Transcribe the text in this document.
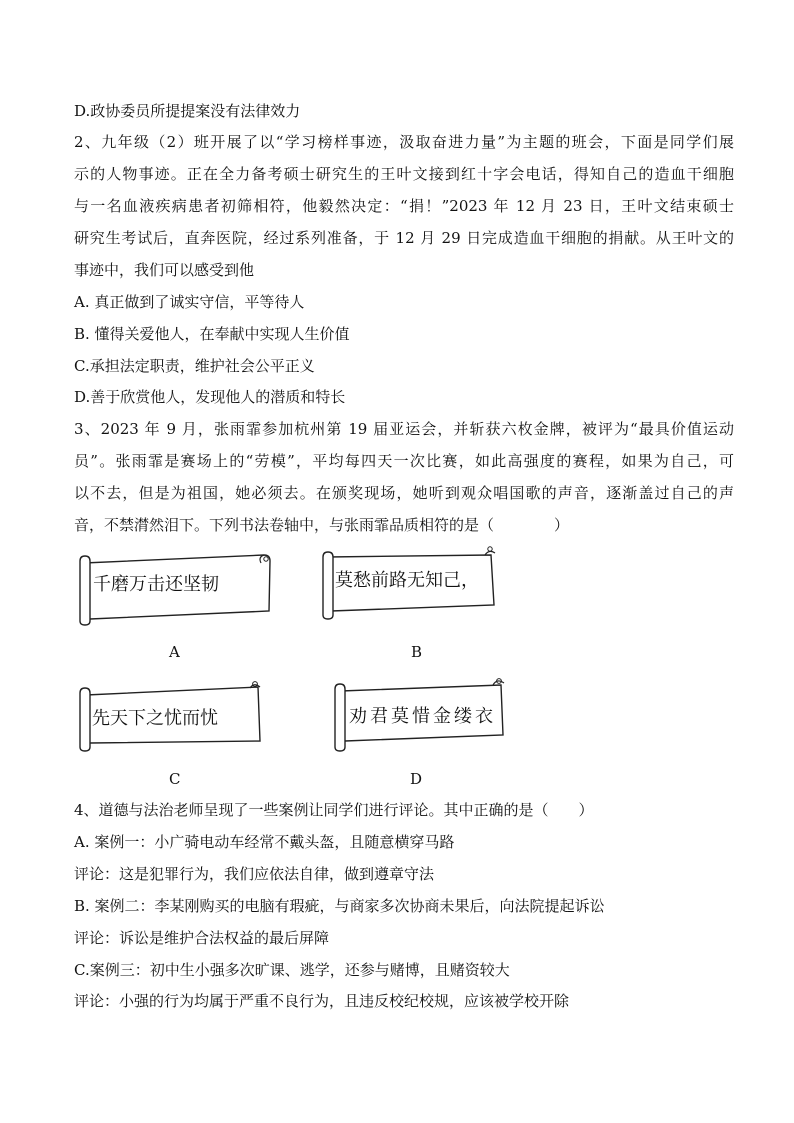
D.政协委员所提提案没有法律效力
2、九年级（2）班开展了以“学习榜样事迹，汲取奋进力量”为主题的班会，下面是同学们展
示的人物事迹。正在全力备考硕士研究生的王叶文接到红十字会电话，得知自己的造血干细胞
与一名血液疾病患者初筛相符，他毅然决定：“捐！”2023 年 12 月 23 日，王叶文结束硕士
研究生考试后，直奔医院，经过系列准备，于 12 月 29 日完成造血干细胞的捐献。从王叶文的
事迹中，我们可以感受到他
A. 真正做到了诚实守信，平等待人
B. 懂得关爱他人，在奉献中实现人生价值
C.承担法定职责，维护社会公平正义
D.善于欣赏他人，发现他人的潜质和特长
3、2023 年 9 月，张雨霏参加杭州第 19 届亚运会，并斩获六枚金牌，被评为“最具价值运动
员”。张雨霏是赛场上的“劳模”，平均每四天一次比赛，如此高强度的赛程，如果为自己，可
以不去，但是为祖国，她必须去。在颁奖现场，她听到观众唱国歌的声音，逐渐盖过自己的声
音，不禁潸然泪下。下列书法卷轴中，与张雨霏品质相符的是（　　　　）
千磨万击还坚韧
A
莫愁前路无知己，
B
先天下之忧而忧
C
劝君莫惜金缕衣
D
4、道德与法治老师呈现了一些案例让同学们进行评论。其中正确的是（　　）
A. 案例一：小广骑电动车经常不戴头盔，且随意横穿马路
评论：这是犯罪行为，我们应依法自律，做到遵章守法
B. 案例二：李某刚购买的电脑有瑕疵，与商家多次协商未果后，向法院提起诉讼
评论：诉讼是维护合法权益的最后屏障
C.案例三：初中生小强多次旷课、逃学，还参与赌博，且赌资较大
评论：小强的行为均属于严重不良行为，且违反校纪校规，应该被学校开除
